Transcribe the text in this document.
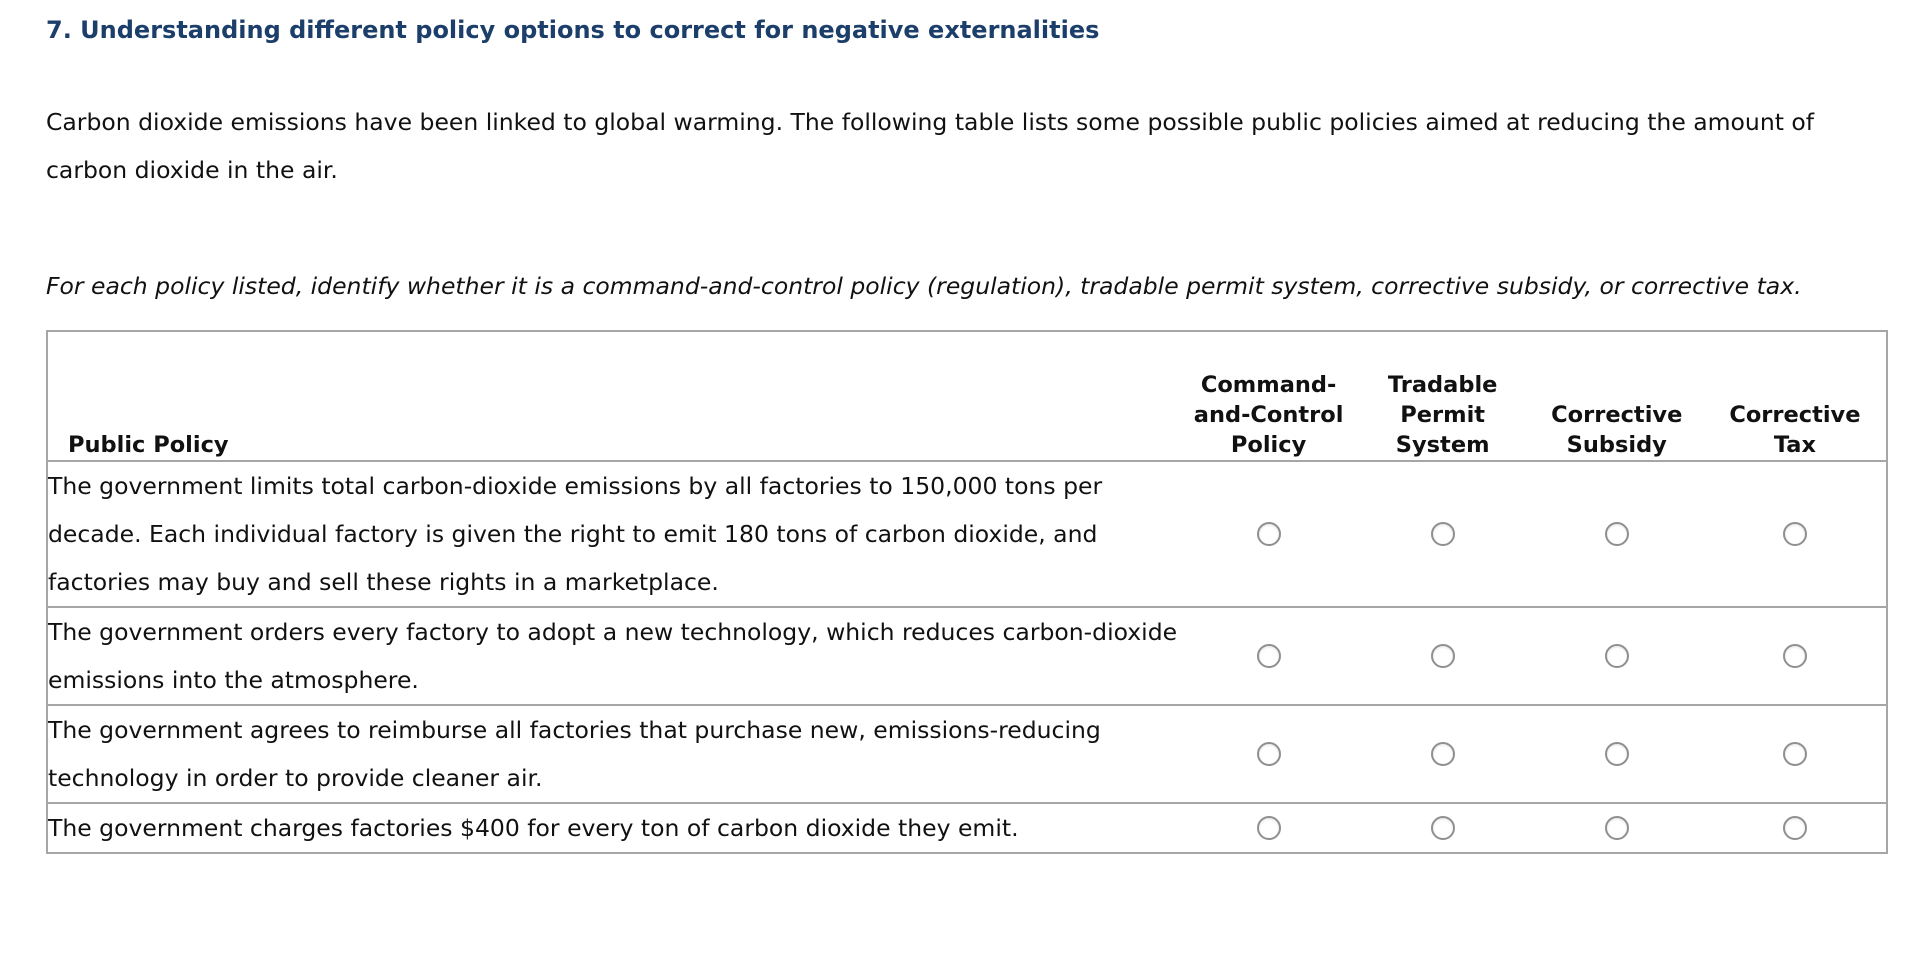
7. Understanding different policy options to correct for negative externalities

Carbon dioxide emissions have been linked to global warming. The following table lists some possible public policies aimed at reducing the amount of carbon dioxide in the air.

For each policy listed, identify whether it is a command-and-control policy (regulation), tradable permit system, corrective subsidy, or corrective tax.

Public Policy	Command-and-Control Policy	Tradable Permit System	Corrective Subsidy	Corrective Tax
The government limits total carbon-dioxide emissions by all factories to 150,000 tons per decade. Each individual factory is given the right to emit 180 tons of carbon dioxide, and factories may buy and sell these rights in a marketplace.				
The government orders every factory to adopt a new technology, which reduces carbon-dioxide emissions into the atmosphere.				
The government agrees to reimburse all factories that purchase new, emissions-reducing technology in order to provide cleaner air.				
The government charges factories $400 for every ton of carbon dioxide they emit.				
